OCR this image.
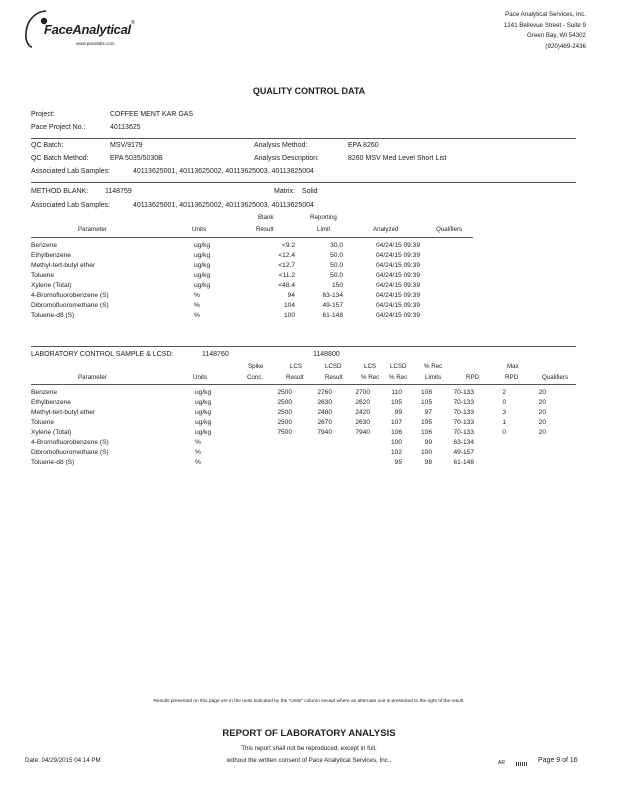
FaceAnalytical ®
www.pacelabs.com
Pace Analytical Services, Inc.
1241 Bellevue Street - Suite 9
Green Bay, WI 54302
(920)469-2436
QUALITY CONTROL DATA
Project:	COFFEE MENT KAR GAS
Pace Project No.:	40113625
QC Batch:	MSV/9179	Analysis Method:	EPA 8260
QC Batch Method:	EPA 5035/5030B	Analysis Description:	8260 MSV Med Level Short List
Associated Lab Samples:	40113625001, 40113625002, 40113625003, 40113625004
METHOD BLANK: 1148759	Matrix: Solid
Associated Lab Samples:	40113625001, 40113625002, 40113625003, 40113625004
Parameter	Units
Blank
Result
Reporting
Limit	Analyzed	Qualifiers
Benzene	ug/kg	<9.2	30.0	04/24/15 09:39	
Ethylbenzene	ug/kg	<12.4	50.0	04/24/15 09:39	
Methyl-tert-butyl ether	ug/kg	<12.7	50.0	04/24/15 09:39	
Toluene	ug/kg	<11.2	50.0	04/24/15 09:39	
Xylene (Total)	ug/kg	<48.4	150	04/24/15 09:39	
4-Bromofluorobenzene (S)	%	94	63-134	04/24/15 09:39	
Dibromofluoromethane (S)	%	104	49-157	04/24/15 09:39	
Toluene-d8 (S)	%	100	61-148	04/24/15 09:39	
LABORATORY CONTROL SAMPLE & LCSD:	1148760	1148800
Spike
Conc.
LCS
Result
LCSD
Result
LCS
% Rec
LCSD
% Rec
% Rec
Limits	RPD
Max
RPD	Qualifiers
Parameter	Units
Benzene	ug/kg	2500	2760	2700	110	108	70-133	2	20	
Ethylbenzene	ug/kg	2500	2630	2620	105	105	70-133	0	20	
Methyl-tert-butyl ether	ug/kg	2500	2480	2420	99	97	70-133	3	20	
Toluene	ug/kg	2500	2670	2630	107	105	70-133	1	20	
Xylene (Total)	ug/kg	7500	7940	7940	106	106	70-133	0	20	
4-Bromofluorobenzene (S)	%				100	99	63-134			
Dibromofluoromethane (S)	%				102	100	49-157			
Toluene-d8 (S)	%				95	98	61-148			
Results presented on this page are in the units indicated by the "Units" column except where an alternate unit is presented to the right of the result.
REPORT OF LABORATORY ANALYSIS
This report shall not be reproduced, except in full,
without the written consent of Pace Analytical Services, Inc..
Date: 04/29/2015 04:14 PM	AR	Page 9 of 16
